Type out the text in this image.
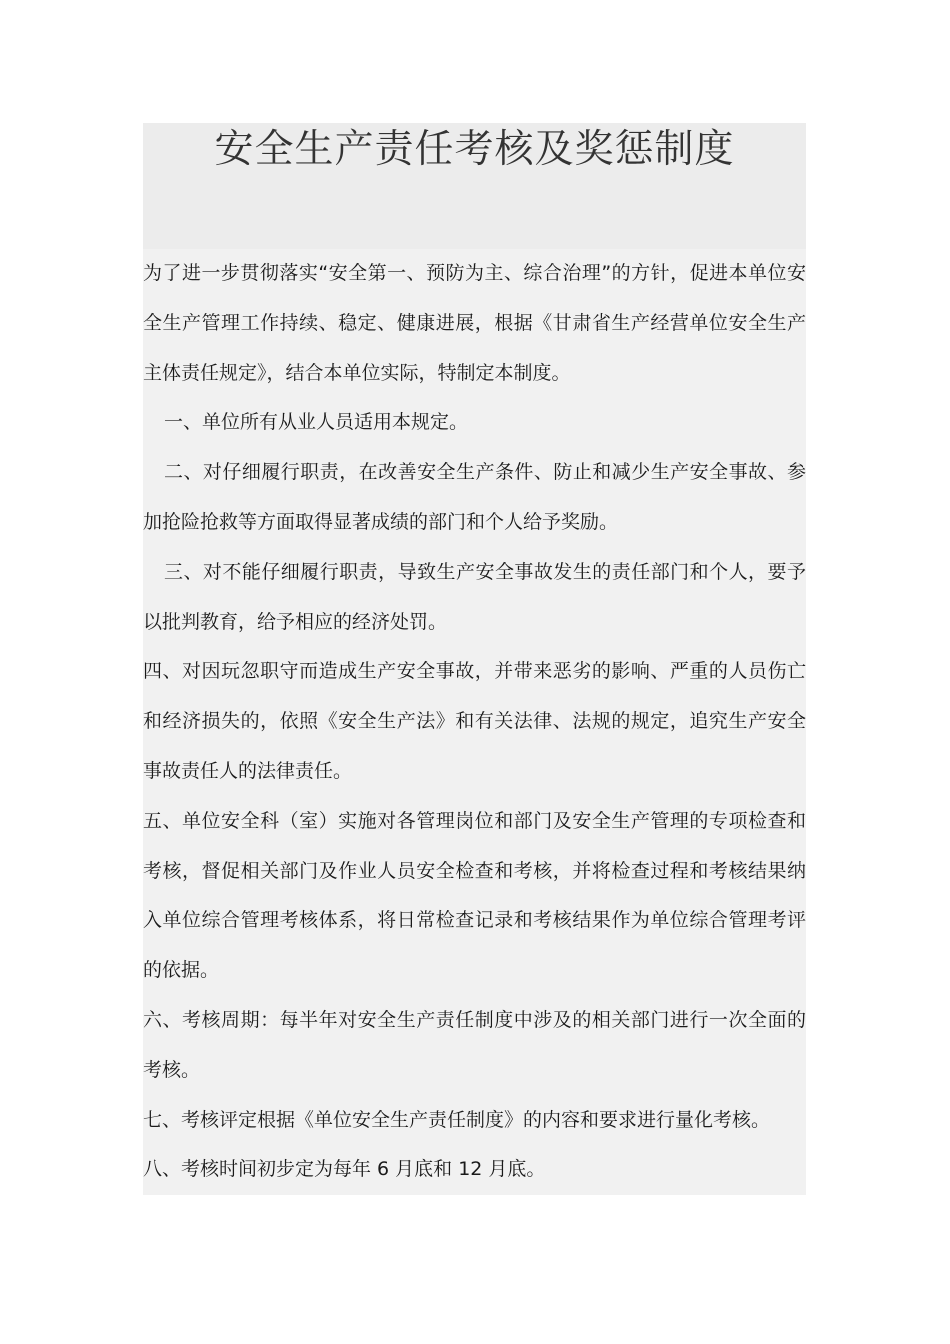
安全生产责任考核及奖惩制度

为了进一步贯彻落实“安全第一、预防为主、综合治理”的方针，促进本单位安全生产管理工作持续、稳定、健康进展，根据《甘肃省生产经营单位安全生产主体责任规定》，结合本单位实际，特制定本制度。

一、单位所有从业人员适用本规定。

二、对仔细履行职责，在改善安全生产条件、防止和减少生产安全事故、参加抢险抢救等方面取得显著成绩的部门和个人给予奖励。

三、对不能仔细履行职责，导致生产安全事故发生的责任部门和个人，要予以批判教育，给予相应的经济处罚。

四、对因玩忽职守而造成生产安全事故，并带来恶劣的影响、严重的人员伤亡和经济损失的，依照《安全生产法》和有关法律、法规的规定，追究生产安全事故责任人的法律责任。

五、单位安全科（室）实施对各管理岗位和部门及安全生产管理的专项检查和考核，督促相关部门及作业人员安全检查和考核，并将检查过程和考核结果纳入单位综合管理考核体系，将日常检查记录和考核结果作为单位综合管理考评的依据。

六、考核周期：每半年对安全生产责任制度中涉及的相关部门进行一次全面的考核。

七、考核评定根据《单位安全生产责任制度》的内容和要求进行量化考核。

八、考核时间初步定为每年 6 月底和 12 月底。
